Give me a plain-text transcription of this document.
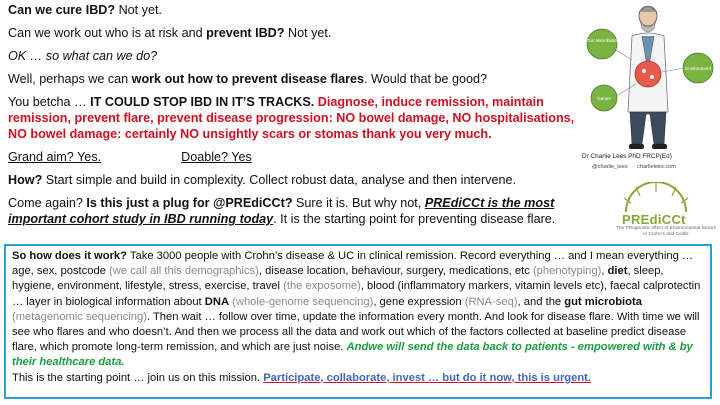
Can we cure IBD? Not yet.

Can we work out who is at risk and prevent IBD? Not yet.

OK … so what can we do?

Well, perhaps we can work out how to prevent disease flares. Would that be good?

You betcha … IT COULD STOP IBD IN IT’S TRACKS. Diagnose, induce remission, maintain remission, prevent flare, prevent disease progression: NO bowel damage, NO hospitalisations, NO bowel damage: certainly NO unsightly scars or stomas thank you very much.

Grand aim? Yes.	Doable? Yes

How? Start simple and build in complexity. Collect robust data, analyse and then intervene.

Come again? Is this just a plug for @PREdiCCt? Sure it is. But why not, PREdiCCt is the most important cohort study in IBD running today. It is the starting point for preventing disease flare.

Gut Microbiota
Environment
Genes
Dr Charlie Lees PhD FRCP(Ed)
@charlie_lees charlielees.com
PREdiCCt
The PRognostic effect of Environmental factors in Crohn's and Colitis

So how does it work? Take 3000 people with Crohn’s disease & UC in clinical remission. Record everything … and I mean everything … age, sex, postcode (we call all this demographics), disease location, behaviour, surgery, medications, etc (phenotyping), diet, sleep, hygiene, environment, lifestyle, stress, exercise, travel (the exposome), blood (inflammatory markers, vitamin levels etc), faecal calprotectin … layer in biological information about DNA (whole-genome sequencing), gene expression (RNA-seq), and the gut microbiota (metagenomic sequencing). Then wait … follow over time, update the information every month. And look for disease flare. With time we will see who flares and who doesn’t. And then we process all the data and work out which of the factors collected at baseline predict disease flare, which promote long-term remission, and which are just noise. Andwe will send the data back to patients - empowered with & by their healthcare data.

This is the starting point … join us on this mission. Participate, collaborate, invest … but do it now, this is urgent.
